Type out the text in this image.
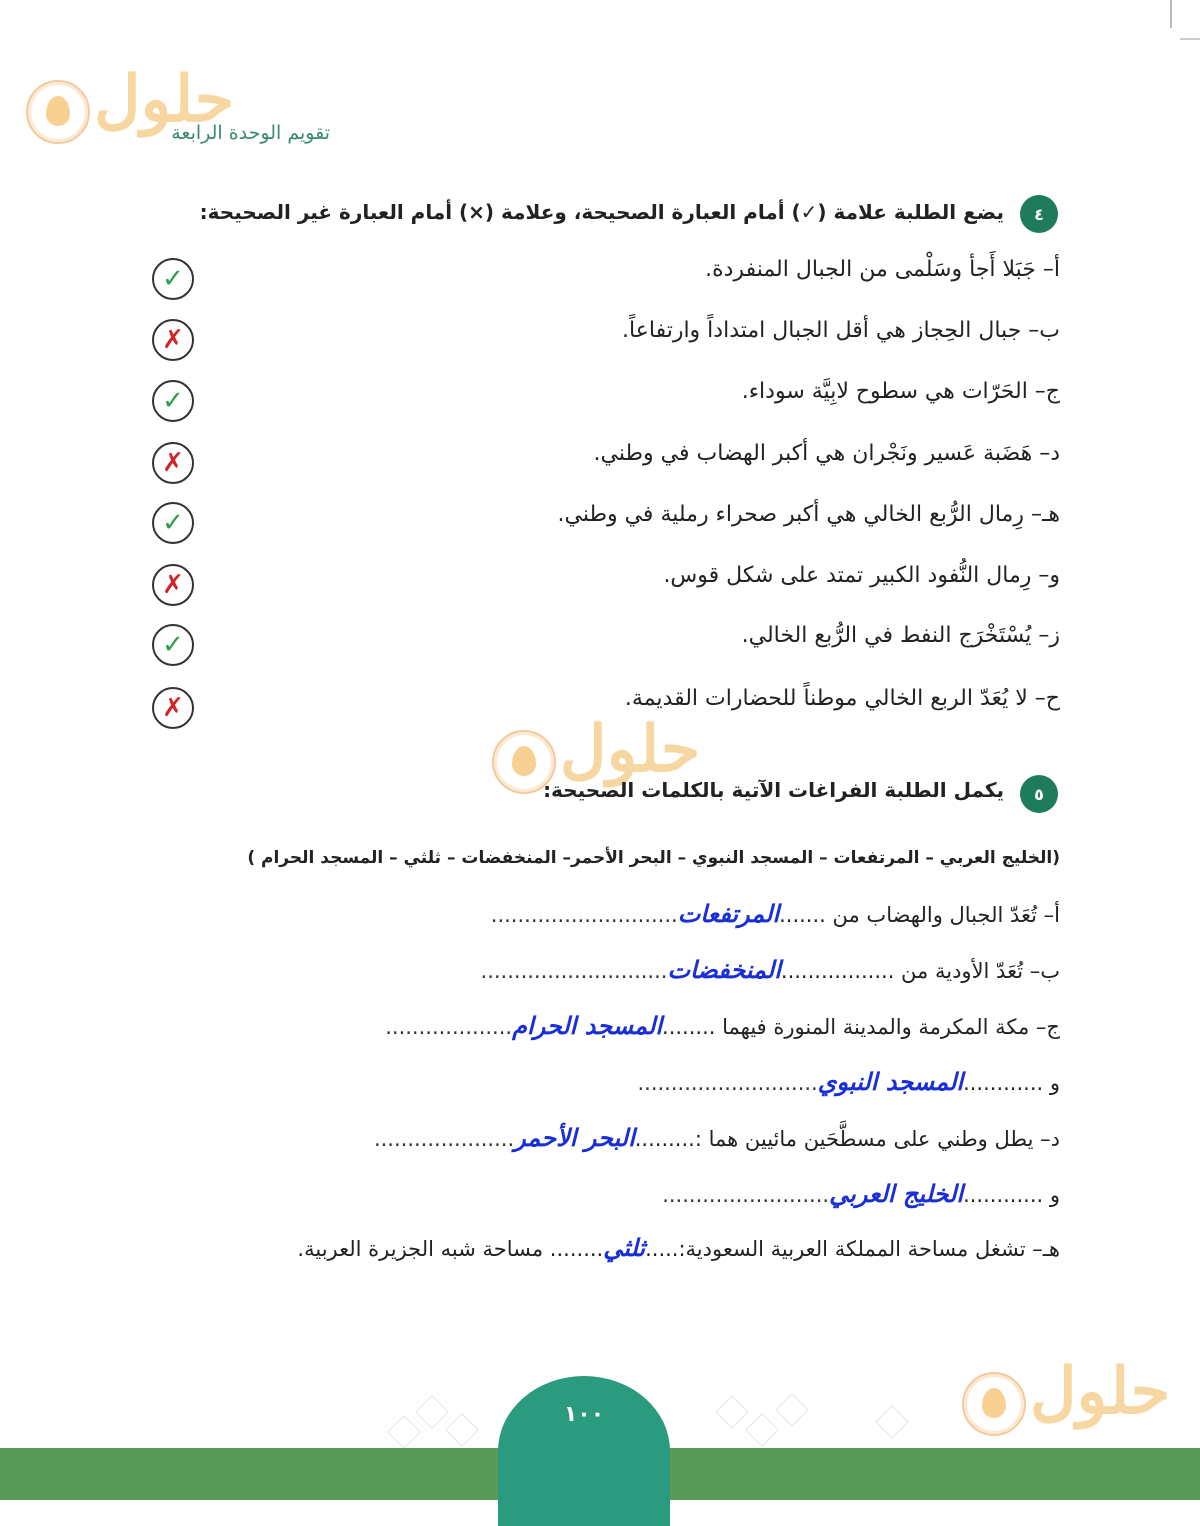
حلول
تقويم الوحدة الرابعة
٤
يضع الطلبة علامة (✓) أمام العبارة الصحيحة، وعلامة (×) أمام العبارة غير الصحيحة:
أ– جَبَلا أَجأ وسَلْمى من الجبال المنفردة.
✓
ب– جبال الحِجاز هي أقل الجبال امتداداً وارتفاعاً.
✗
ج– الحَرّات هي سطوح لابِيَّة سوداء.
✓
د– هَضَبة عَسير ونَجْران هي أكبر الهضاب في وطني.
✗
هـ– رِمال الرُّبع الخالي هي أكبر صحراء رملية في وطني.
✓
و– رِمال النُّفود الكبير تمتد على شكل قوس.
✗
ز– يُسْتَخْرَج النفط في الرُّبع الخالي.
✓
ح– لا يُعَدّ الربع الخالي موطناً للحضارات القديمة.
✗
حلول
٥
يكمل الطلبة الفراغات الآتية بالكلمات الصحيحة:
(الخليج العربي – المرتفعات – المسجد النبوي – البحر الأحمر– المنخفضات – ثلثي – المسجد الحرام )
أ– تُعَدّ الجبال والهضاب من .......المرتفعات............................
ب– تُعَدّ الأودية من .................المنخفضات............................
ج– مكة المكرمة والمدينة المنورة فيهما ........المسجد الحرام...................
و ............المسجد النبوي...........................
د– يطل وطني على مسطَّحَين مائيين هما :.........البحر الأحمر.....................
و ............الخليج العربي.........................
هـ– تشغل مساحة المملكة العربية السعودية:.....ثلثي........ مساحة شبه الجزيرة العربية.
حلول
١٠٠
